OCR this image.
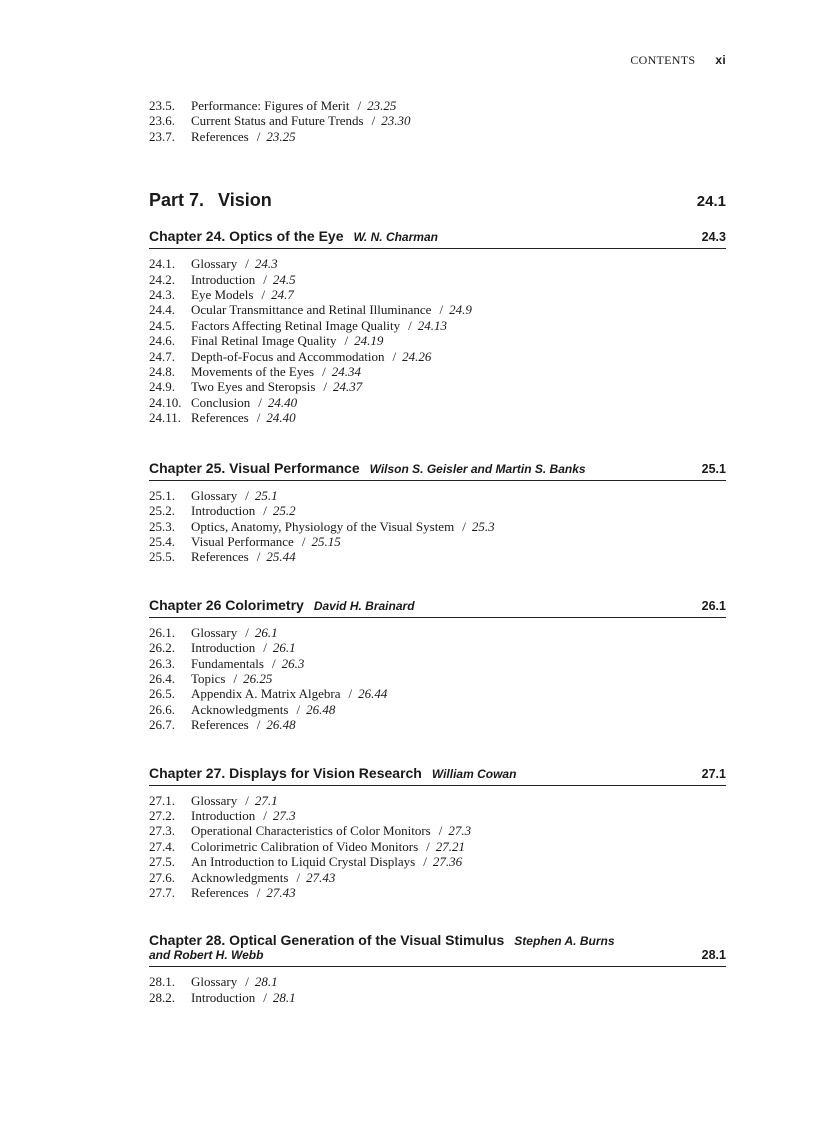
CONTENTS xi
23.5.	Performance: Figures of Merit / 23.25
23.6.	Current Status and Future Trends / 23.30
23.7.	References / 23.25
Part 7. Vision	24.1
Chapter 24. Optics of the Eye W. N. Charman	24.3
24.1.	Glossary / 24.3
24.2.	Introduction / 24.5
24.3.	Eye Models / 24.7
24.4.	Ocular Transmittance and Retinal Illuminance / 24.9
24.5.	Factors Affecting Retinal Image Quality / 24.13
24.6.	Final Retinal Image Quality / 24.19
24.7.	Depth-of-Focus and Accommodation / 24.26
24.8.	Movements of the Eyes / 24.34
24.9.	Two Eyes and Steropsis / 24.37
24.10. Conclusion / 24.40
24.11. References / 24.40
Chapter 25. Visual Performance Wilson S. Geisler and Martin S. Banks	25.1
25.1.	Glossary / 25.1
25.2.	Introduction / 25.2
25.3.	Optics, Anatomy, Physiology of the Visual System / 25.3
25.4.	Visual Performance / 25.15
25.5.	References / 25.44
Chapter 26 Colorimetry David H. Brainard	26.1
26.1.	Glossary / 26.1
26.2.	Introduction / 26.1
26.3.	Fundamentals / 26.3
26.4.	Topics / 26.25
26.5.	Appendix A. Matrix Algebra / 26.44
26.6.	Acknowledgments / 26.48
26.7.	References / 26.48
Chapter 27. Displays for Vision Research William Cowan	27.1
27.1.	Glossary / 27.1
27.2.	Introduction / 27.3
27.3.	Operational Characteristics of Color Monitors / 27.3
27.4.	Colorimetric Calibration of Video Monitors / 27.21
27.5.	An Introduction to Liquid Crystal Displays / 27.36
27.6.	Acknowledgments / 27.43
27.7.	References / 27.43
Chapter 28. Optical Generation of the Visual Stimulus Stephen A. Burns
and Robert H. Webb	28.1
28.1.	Glossary / 28.1
28.2.	Introduction / 28.1
